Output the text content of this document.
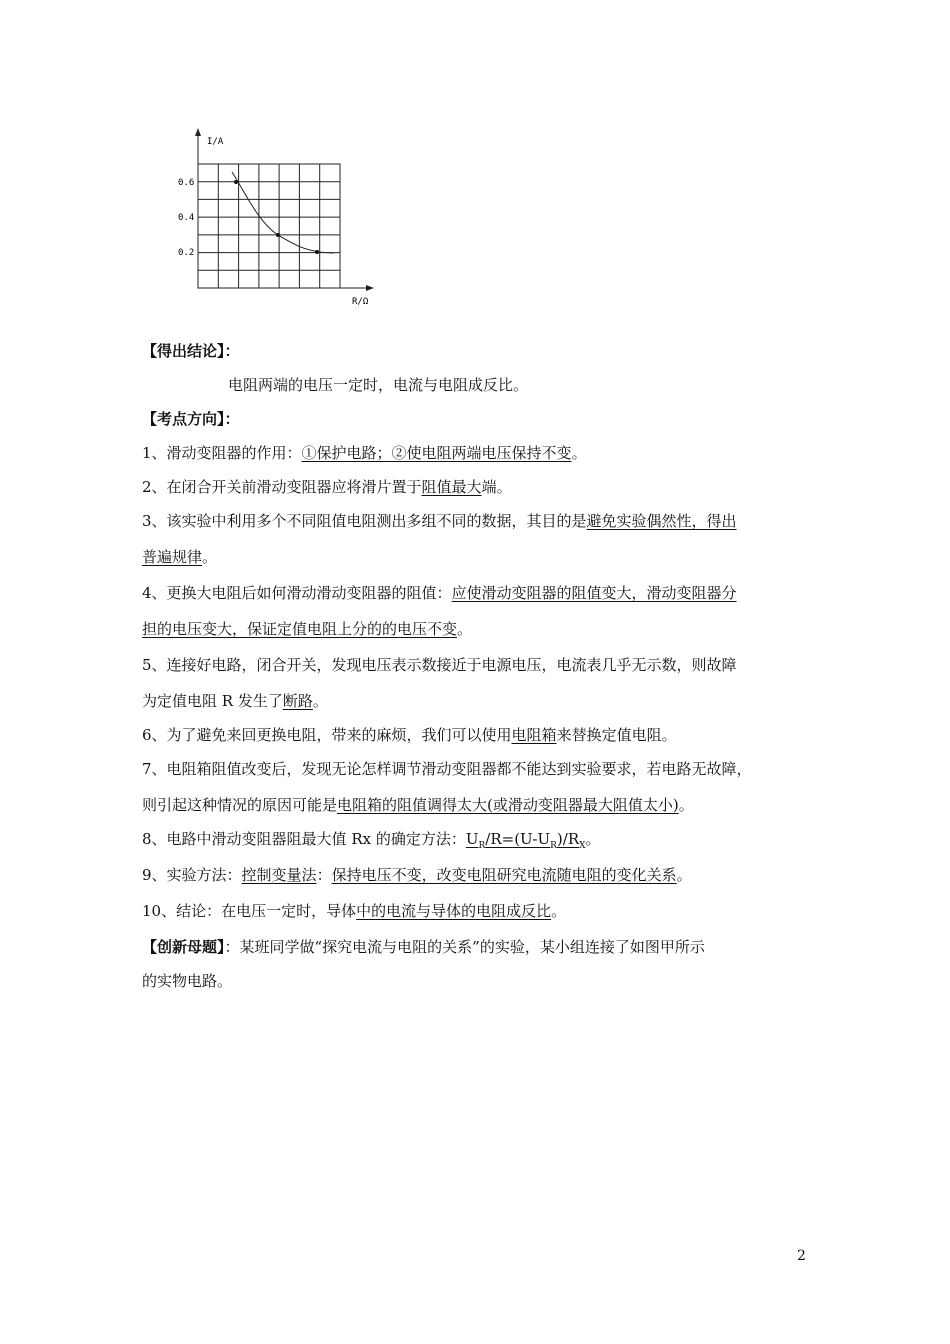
I/A
R/Ω
0.6
0.4
0.2
【得出结论】：
电阻两端的电压一定时，电流与电阻成反比。
【考点方向】：
1、滑动变阻器的作用：①保护电路；②使电阻两端电压保持不变。
2、在闭合开关前滑动变阻器应将滑片置于阻值最大端。
3、该实验中利用多个不同阻值电阻测出多组不同的数据，其目的是避免实验偶然性，得出
普遍规律。
4、更换大电阻后如何滑动滑动变阻器的阻值：应使滑动变阻器的阻值变大，滑动变阻器分
担的电压变大，保证定值电阻上分的的电压不变。
5、连接好电路，闭合开关，发现电压表示数接近于电源电压，电流表几乎无示数，则故障
为定值电阻 R 发生了断路。
6、为了避免来回更换电阻，带来的麻烦，我们可以使用电阻箱来替换定值电阻。
7、电阻箱阻值改变后，发现无论怎样调节滑动变阻器都不能达到实验要求，若电路无故障，
则引起这种情况的原因可能是电阻箱的阻值调得太大(或滑动变阻器最大阻值太小)。
8、电路中滑动变阻器阻最大值 Rx 的确定方法：$U_R/R=(U-U_R)/R_X$。
9、实验方法：控制变量法：保持电压不变，改变电阻研究电流随电阻的变化关系。
10、结论：在电压一定时，导体中的电流与导体的电阻成反比。
【创新母题】：某班同学做“探究电流与电阻的关系”的实验，某小组连接了如图甲所示
的实物电路。
2
